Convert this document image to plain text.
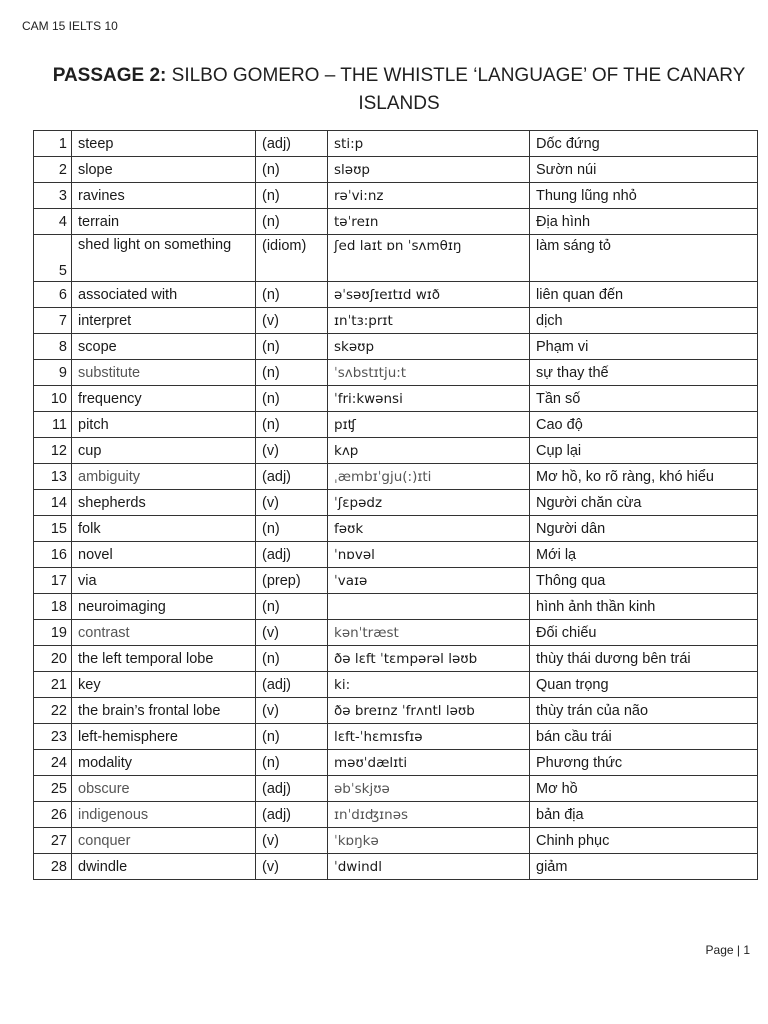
CAM 15 IELTS 10
PASSAGE 2: SILBO GOMERO – THE WHISTLE ‘LANGUAGE’ OF THE CANARY ISLANDS
1	steep	(adj)	sti:p	Dốc đứng
2	slope	(n)	sləʊp	Sườn núi
3	ravines	(n)	rəˈvi:nz	Thung lũng nhỏ
4	terrain	(n)	təˈreɪn	Địa hình
5	shed light on something	(idiom)	ʃed laɪt ɒn ˈsʌmθɪŋ	làm sáng tỏ
6	associated with	(n)	əˈsəʊʃɪeɪtɪd wɪð	liên quan đến
7	interpret	(v)	ɪnˈtɜ:prɪt	dịch
8	scope	(n)	skəʊp	Phạm vi
9	substitute	(n)	ˈsʌbstɪtju:t	sự thay thế
10	frequency	(n)	ˈfri:kwənsi	Tần số
11	pitch	(n)	pɪʧ	Cao độ
12	cup	(v)	kʌp	Cụp lại
13	ambiguity	(adj)	ˌæmbɪˈgju(:)ɪti	Mơ hồ, ko rõ ràng, khó hiểu
14	shepherds	(v)	ˈʃɛpədz	Người chăn cừa
15	folk	(n)	fəʊk	Người dân
16	novel	(adj)	ˈnɒvəl	Mới lạ
17	via	(prep)	ˈvaɪə	Thông qua
18	neuroimaging	(n)		hình ảnh thần kinh
19	contrast	(v)	kənˈtræst	Đối chiếu
20	the left temporal lobe	(n)	ðə lɛft ˈtɛmpərəl ləʊb	thùy thái dương bên trái
21	key	(adj)	ki:	Quan trọng
22	the brain’s frontal lobe	(v)	ðə breɪnz ˈfrʌntl ləʊb	thùy trán của não
23	left-hemisphere	(n)	lɛft-ˈhɛmɪsfɪə	bán cầu trái
24	modality	(n)	məʊˈdælɪti	Phương thức
25	obscure	(adj)	əbˈskjʊə	Mơ hồ
26	indigenous	(adj)	ɪnˈdɪʤɪnəs	bản địa
27	conquer	(v)	ˈkɒŋkə	Chinh phục
28	dwindle	(v)	ˈdwindl	giảm
Page | 1
